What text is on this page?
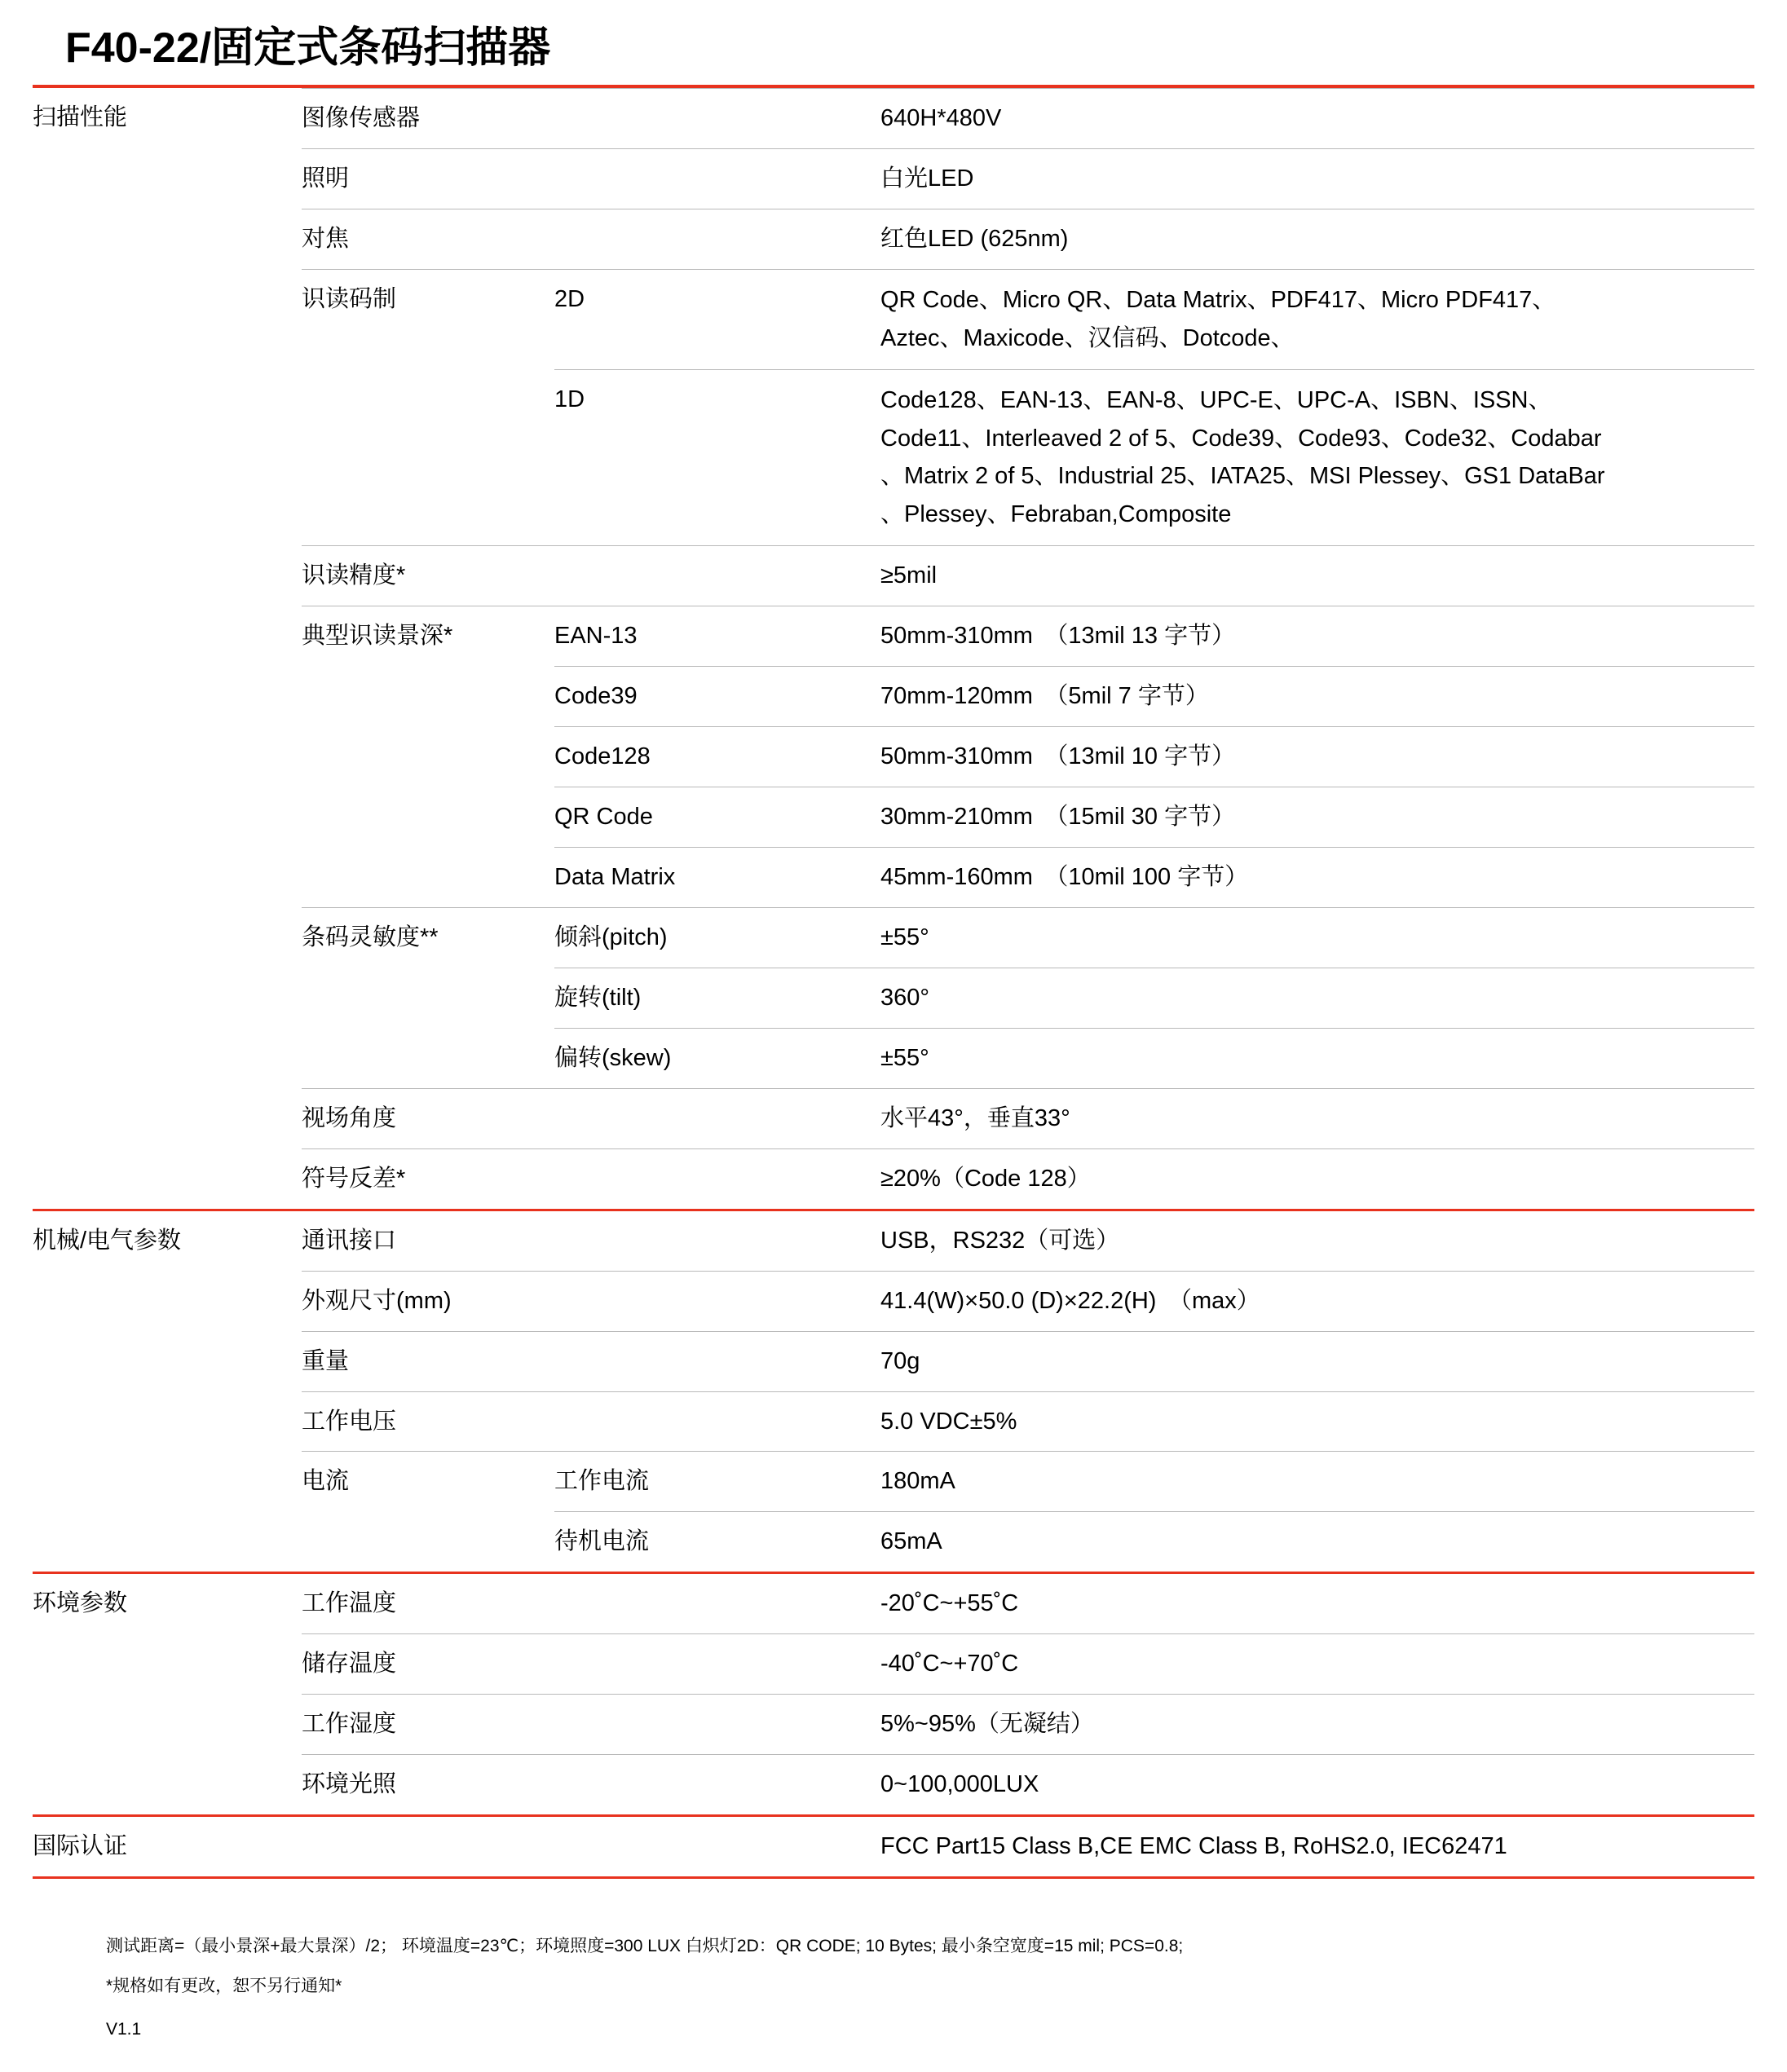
F40-22/固定式条码扫描器
扫描性能	图像传感器		640H*480V
	照明		白光LED
	对焦		红色LED (625nm)
	识读码制	2D	QR Code、Micro QR、Data Matrix、PDF417、Micro PDF417、
Aztec、Maxicode、汉信码、Dotcode、

		1D	Code128、EAN-13、EAN-8、UPC-E、UPC-A、ISBN、ISSN、
Code11、Interleaved 2 of 5、Code39、Code93、Code32、Codabar
、Matrix 2 of 5、Industrial 25、IATA25、MSI Plessey、GS1 DataBar
、Plessey、Febraban,Composite

	识读精度*		≥5mil
	典型识读景深*	EAN-13	50mm-310mm　（13mil 13 字节）
		Code39	70mm-120mm　（5mil 7 字节）
		Code128	50mm-310mm　（13mil 10 字节）
		QR Code	30mm-210mm　（15mil 30 字节）
		Data Matrix	45mm-160mm　（10mil 100 字节）
	条码灵敏度**	倾斜(pitch)	±55°
		旋转(tilt)	360°
		偏转(skew)	±55°
	视场角度		水平43°，垂直33°
	符号反差*		≥20%（Code 128）
机械/电气参数	通讯接口		USB，RS232（可选）
	外观尺寸(mm)		41.4(W)×50.0 (D)×22.2(H)　（max）
	重量		70g
	工作电压		5.0 VDC±5%
	电流	工作电流	180mA
		待机电流	65mA
环境参数	工作温度		-20˚C~+55˚C
	储存温度		-40˚C~+70˚C
	工作湿度		5%~95%（无凝结）
	环境光照		0~100,000LUX
国际认证			FCC Part15 Class B,CE EMC Class B, RoHS2.0, IEC62471
测试距离=（最小景深+最大景深）/2； 环境温度=23℃；环境照度=300 LUX 白炽灯2D：QR CODE; 10 Bytes; 最小条空宽度=15 mil; PCS=0.8;
*规格如有更改，恕不另行通知*
V1.1
